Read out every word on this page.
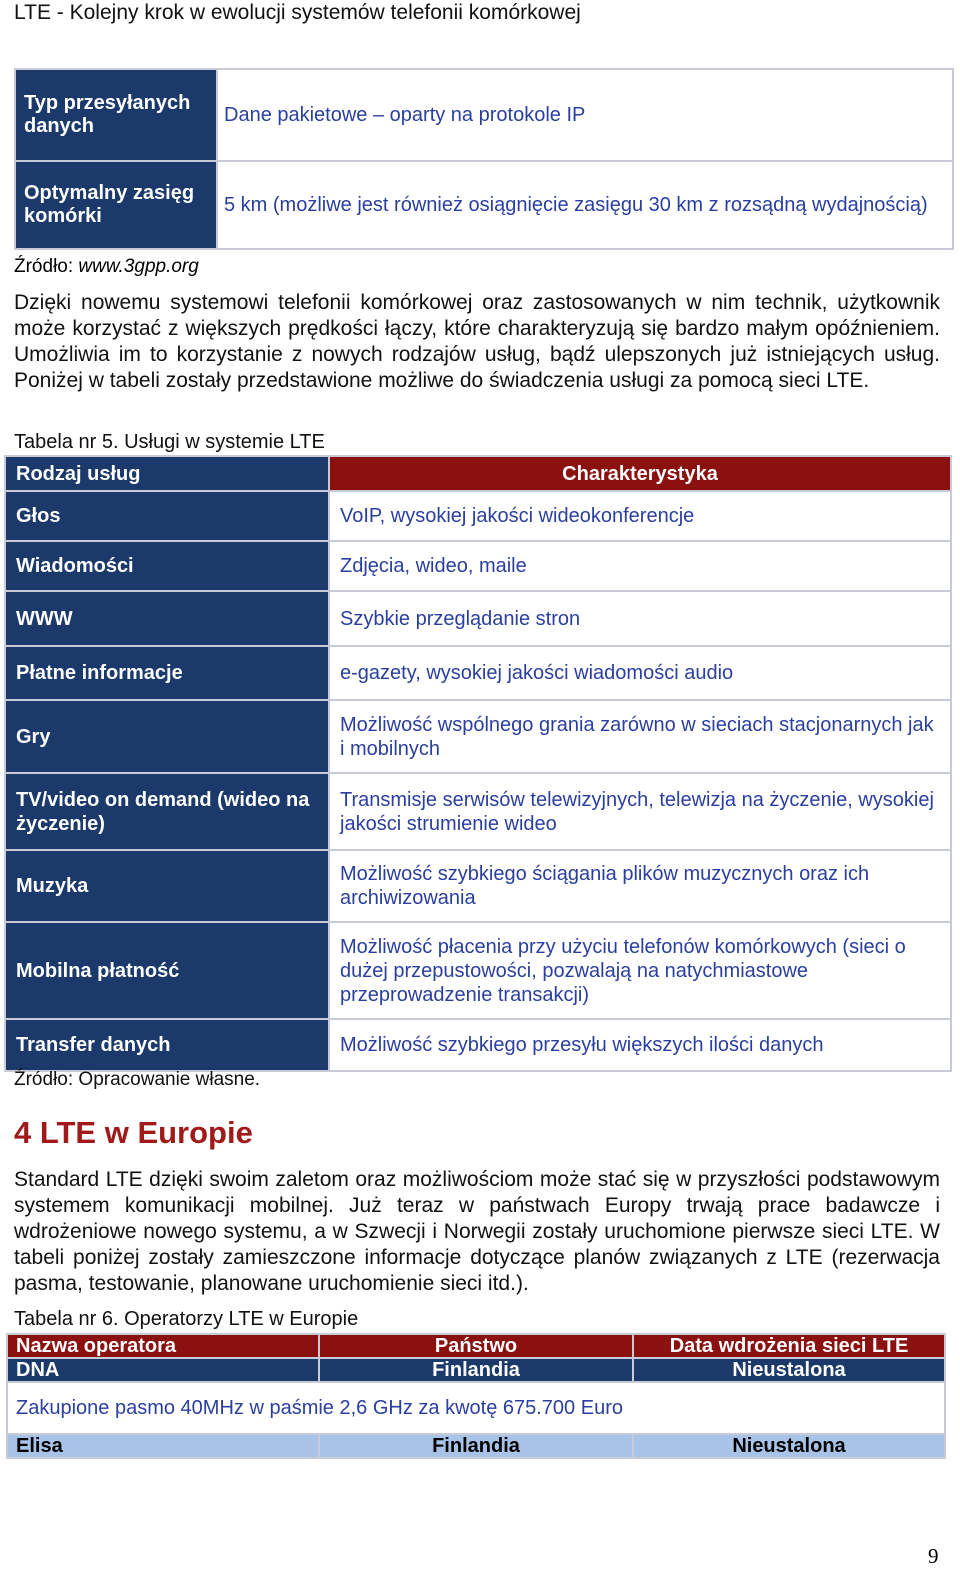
LTE - Kolejny krok w ewolucji systemów telefonii komórkowej
Typ przesyłanych danych	Dane pakietowe – oparty na protokole IP
Optymalny zasięg komórki	5 km (możliwe jest również osiągnięcie zasięgu 30 km z rozsądną wydajnością)
Źródło: www.3gpp.org
Dzięki nowemu systemowi telefonii komórkowej oraz zastosowanych w nim technik, użytkownik może korzystać z większych prędkości łączy, które charakteryzują się bardzo małym opóźnieniem. Umożliwia im to korzystanie z nowych rodzajów usług, bądź ulepszonych już istniejących usług. Poniżej w tabeli zostały przedstawione możliwe do świadczenia usługi za pomocą sieci LTE.
Tabela nr 5. Usługi w systemie LTE
Rodzaj usług	Charakterystyka
Głos	VoIP, wysokiej jakości wideokonferencje
Wiadomości	Zdjęcia, wideo, maile
WWW	Szybkie przeglądanie stron
Płatne informacje	e-gazety, wysokiej jakości wiadomości audio
Gry	Możliwość wspólnego grania zarówno w sieciach stacjonarnych jak i mobilnych
TV/video on demand (wideo na życzenie)	Transmisje serwisów telewizyjnych, telewizja na życzenie, wysokiej jakości strumienie wideo
Muzyka	Możliwość szybkiego ściągania plików muzycznych oraz ich archiwizowania
Mobilna płatność	Możliwość płacenia przy użyciu telefonów komórkowych (sieci o dużej przepustowości, pozwalają na natychmiastowe przeprowadzenie transakcji)
Transfer danych	Możliwość szybkiego przesyłu większych ilości danych
Źródło: Opracowanie własne.
4 LTE w Europie
Standard LTE dzięki swoim zaletom oraz możliwościom może stać się w przyszłości podstawowym systemem komunikacji mobilnej. Już teraz w państwach Europy trwają prace badawcze i wdrożeniowe nowego systemu, a w Szwecji i Norwegii zostały uruchomione pierwsze sieci LTE. W tabeli poniżej zostały zamieszczone informacje dotyczące planów związanych z LTE (rezerwacja pasma, testowanie, planowane uruchomienie sieci itd.).
Tabela nr 6. Operatorzy LTE w Europie
Nazwa operatora	Państwo	Data wdrożenia sieci LTE
DNA	Finlandia	Nieustalona
Zakupione pasmo 40MHz w paśmie 2,6 GHz za kwotę 675.700 Euro		
Elisa	Finlandia	Nieustalona
9
